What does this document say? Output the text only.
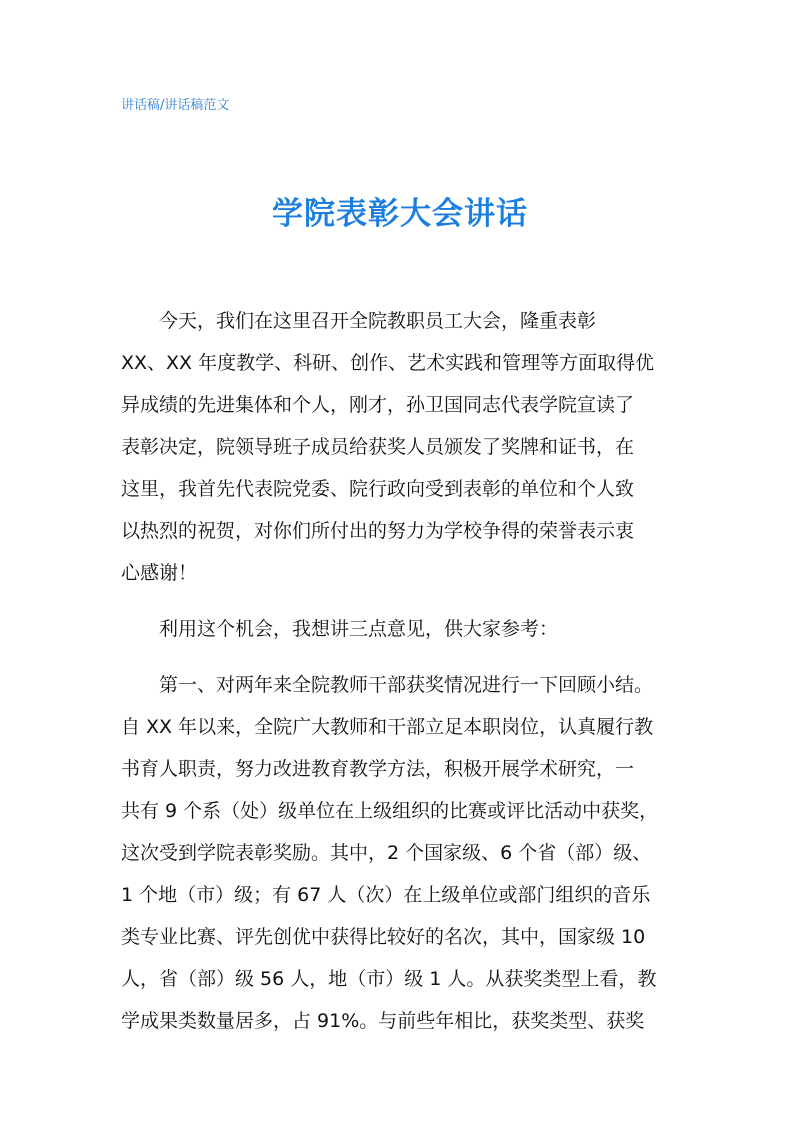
讲话稿/讲话稿范文
学院表彰大会讲话
今天，我们在这里召开全院教职员工大会，隆重表彰
XX、XX 年度教学、科研、创作、艺术实践和管理等方面取得优
异成绩的先进集体和个人，刚才，孙卫国同志代表学院宣读了
表彰决定，院领导班子成员给获奖人员颁发了奖牌和证书，在
这里，我首先代表院党委、院行政向受到表彰的单位和个人致
以热烈的祝贺，对你们所付出的努力为学校争得的荣誉表示衷
心感谢！
利用这个机会，我想讲三点意见，供大家参考：
第一、对两年来全院教师干部获奖情况进行一下回顾小结。
自 XX 年以来，全院广大教师和干部立足本职岗位，认真履行教
书育人职责，努力改进教育教学方法，积极开展学术研究，一
共有 9 个系（处）级单位在上级组织的比赛或评比活动中获奖，
这次受到学院表彰奖励。其中，2 个国家级、6 个省（部）级、
1 个地（市）级；有 67 人（次）在上级单位或部门组织的音乐
类专业比赛、评先创优中获得比较好的名次，其中，国家级 10
人，省（部）级 56 人，地（市）级 1 人。从获奖类型上看，教
学成果类数量居多，占 91%。与前些年相比，获奖类型、获奖
